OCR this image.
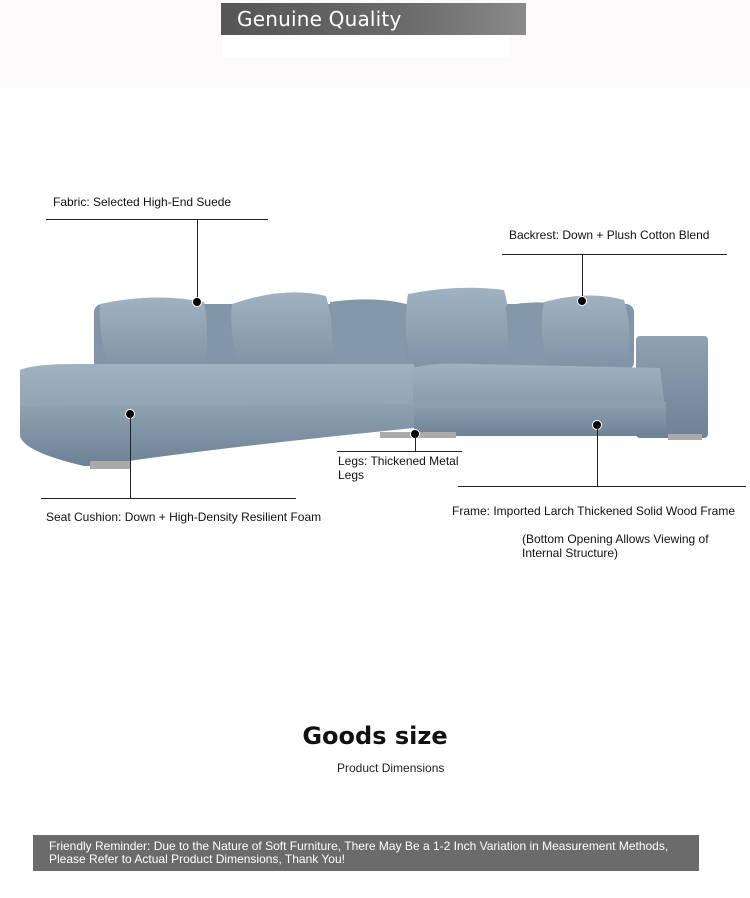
Genuine Quality
Fabric: Selected High-End Suede
Backrest: Down + Plush Cotton Blend
Seat Cushion: Down + High-Density Resilient Foam
Legs: Thickened Metal Legs
Frame: Imported Larch Thickened Solid Wood Frame
(Bottom Opening Allows Viewing of Internal Structure)
Goods size
Product Dimensions
Friendly Reminder: Due to the Nature of Soft Furniture, There May Be a 1-2 Inch Variation in Measurement Methods, Please Refer to Actual Product Dimensions, Thank You!
